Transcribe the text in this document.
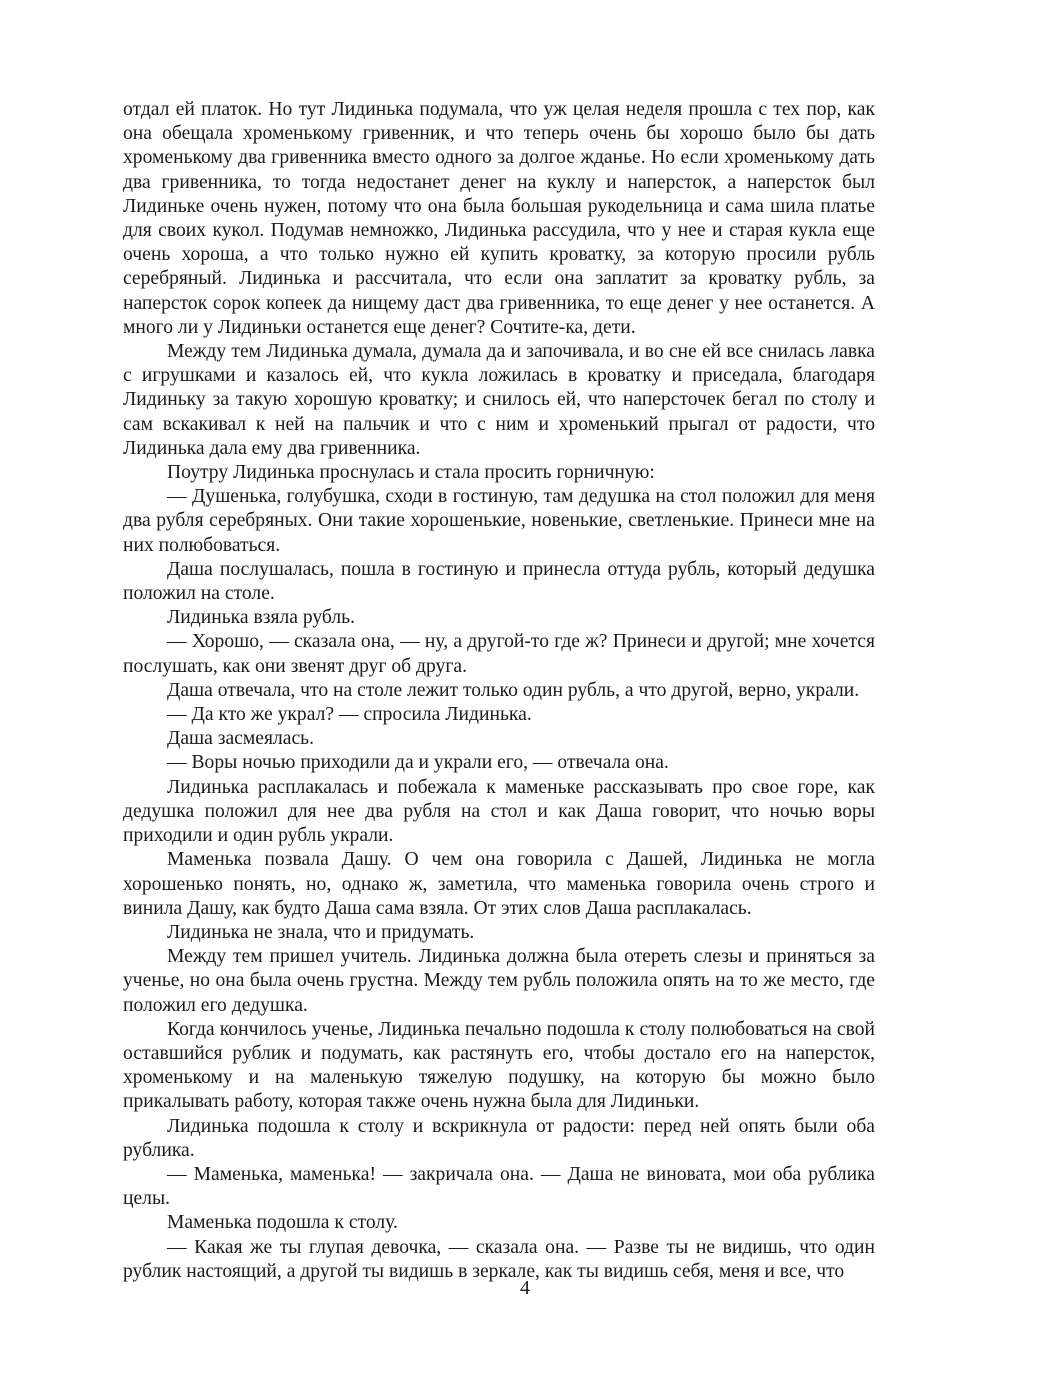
отдал ей платок. Но тут Лидинька подумала, что уж целая неделя прошла с тех пор, как она обещала хроменькому гривенник, и что теперь очень бы хорошо было бы дать хроменькому два гривенника вместо одного за долгое жданье. Но если хроменькому дать два гривенника, то тогда недостанет денег на куклу и наперсток, а наперсток был Лидиньке очень нужен, потому что она была большая рукодельница и сама шила платье для своих кукол. Подумав немножко, Лидинька рассудила, что у нее и старая кукла еще очень хороша, а что только нужно ей купить кроватку, за которую просили рубль серебряный. Лидинька и рассчитала, что если она заплатит за кроватку рубль, за наперсток сорок копеек да нищему даст два гривенника, то еще денег у нее останется. А много ли у Лидиньки останется еще денег? Сочтите-ка, дети.

Между тем Лидинька думала, думала да и започивала, и во сне ей все снилась лавка с игрушками и казалось ей, что кукла ложилась в кроватку и приседала, благодаря Лидиньку за такую хорошую кроватку; и снилось ей, что наперсточек бегал по столу и сам вскакивал к ней на пальчик и что с ним и хроменький прыгал от радости, что Лидинька дала ему два гривенника.

Поутру Лидинька проснулась и стала просить горничную:

— Душенька, голубушка, сходи в гостиную, там дедушка на стол положил для меня два рубля серебряных. Они такие хорошенькие, новенькие, светленькие. Принеси мне на них полюбоваться.

Даша послушалась, пошла в гостиную и принесла оттуда рубль, который дедушка положил на столе.

Лидинька взяла рубль.

— Хорошо, — сказала она, — ну, а другой-то где ж? Принеси и другой; мне хочется послушать, как они звенят друг об друга.

Даша отвечала, что на столе лежит только один рубль, а что другой, верно, украли.

— Да кто же украл? — спросила Лидинька.

Даша засмеялась.

— Воры ночью приходили да и украли его, — отвечала она.

Лидинька расплакалась и побежала к маменьке рассказывать про свое горе, как дедушка положил для нее два рубля на стол и как Даша говорит, что ночью воры приходили и один рубль украли.

Маменька позвала Дашу. О чем она говорила с Дашей, Лидинька не могла хорошенько понять, но, однако ж, заметила, что маменька говорила очень строго и винила Дашу, как будто Даша сама взяла. От этих слов Даша расплакалась.

Лидинька не знала, что и придумать.

Между тем пришел учитель. Лидинька должна была отереть слезы и приняться за ученье, но она была очень грустна. Между тем рубль положила опять на то же место, где положил его дедушка.

Когда кончилось ученье, Лидинька печально подошла к столу полюбоваться на свой оставшийся рублик и подумать, как растянуть его, чтобы достало его на наперсток, хроменькому и на маленькую тяжелую подушку, на которую бы можно было прикалывать работу, которая также очень нужна была для Лидиньки.

Лидинька подошла к столу и вскрикнула от радости: перед ней опять были оба рублика.

— Маменька, маменька! — закричала она. — Даша не виновата, мои оба рублика целы.

Маменька подошла к столу.

— Какая же ты глупая девочка, — сказала она. — Разве ты не видишь, что один рублик настоящий, а другой ты видишь в зеркале, как ты видишь себя, меня и все, что

4
